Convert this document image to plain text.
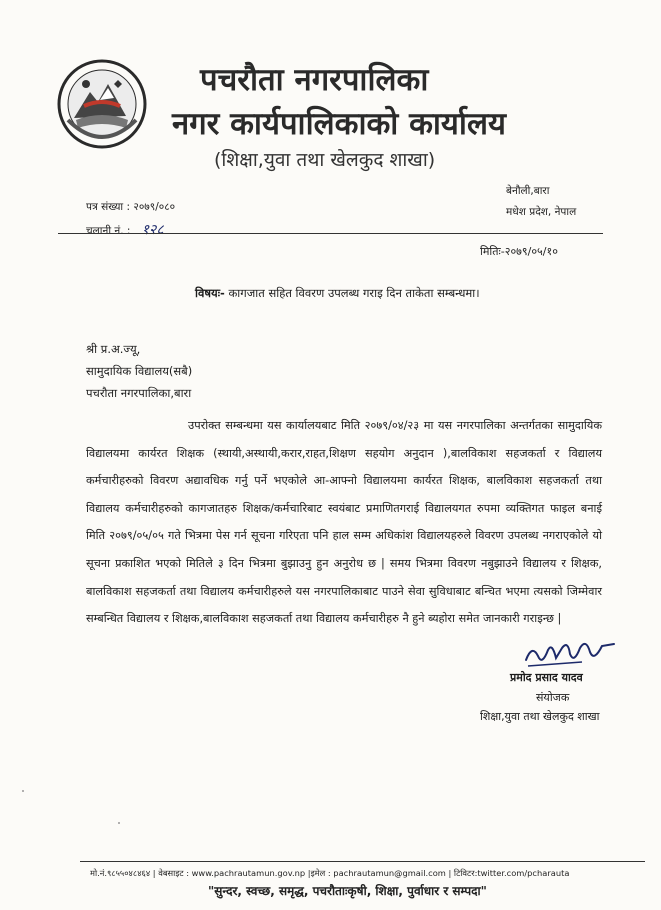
पचरौता नगरपालिका
नगर कार्यपालिकाको कार्यालय
(शिक्षा,युवा तथा खेलकुद शाखा)
बेनौली,बारा
मधेश प्रदेश, नेपाल
पत्र संख्या : २०७९/०८०
चलानी नं. : १२८
मितिः-२०७९/०५/१०
विषयः- कागजात सहित विवरण उपलब्ध गराइ दिन ताकेता सम्बन्धमा।
श्री प्र.अ.ज्यू,
सामुदायिक विद्यालय(सबै)
पचरौता नगरपालिका,बारा
उपरोक्त सम्बन्धमा यस कार्यालयबाट मिति २०७९/०४/२३ मा यस नगरपालिका अन्तर्गतका सामुदायिक विद्यालयमा कार्यरत शिक्षक (स्थायी,अस्थायी,करार,राहत,शिक्षण सहयोग अनुदान ),बालविकाश सहजकर्ता र विद्यालय कर्मचारीहरुको विवरण अद्यावधिक गर्नु पर्ने भएकोले आ-आफ्नो विद्यालयमा कार्यरत शिक्षक, बालविकाश सहजकर्ता तथा विद्यालय कर्मचारीहरुको कागजातहरु शिक्षक/कर्मचारिबाट स्वयंबाट प्रमाणितगराई विद्यालयगत रुपमा व्यक्तिगत फाइल बनाई मिति २०७९/०५/०५ गते भित्रमा पेस गर्न सूचना गरिएता पनि हाल सम्म अधिकांश विद्यालयहरुले विवरण उपलब्ध नगराएकोले यो सूचना प्रकाशित भएको मितिले ३ दिन भित्रमा बुझाउनु हुन अनुरोध छ | समय भित्रमा विवरण नबुझाउने विद्यालय र शिक्षक, बालविकाश सहजकर्ता तथा विद्यालय कर्मचारीहरुले यस नगरपालिकाबाट पाउने सेवा सुविधाबाट बन्चित भएमा त्यसको जिम्मेवार सम्बन्धित विद्यालय र शिक्षक,बालविकाश सहजकर्ता तथा विद्यालय कर्मचारीहरु नै हुने ब्यहोरा समेत जानकारी गराइन्छ |
प्रमोद प्रसाद यादव
संयोजक
शिक्षा,युवा तथा खेलकुद शाखा
मो.नं.९८५५०४८४६४ | वेबसाइट : www.pachrautamun.gov.np |इमेल : pachrautamun@gmail.com | टिविटर:twitter.com/pcharauta
"सुन्दर, स्वच्छ, समृद्ध, पचरौताःकृषी, शिक्षा, पुर्वाधार र सम्पदा"
